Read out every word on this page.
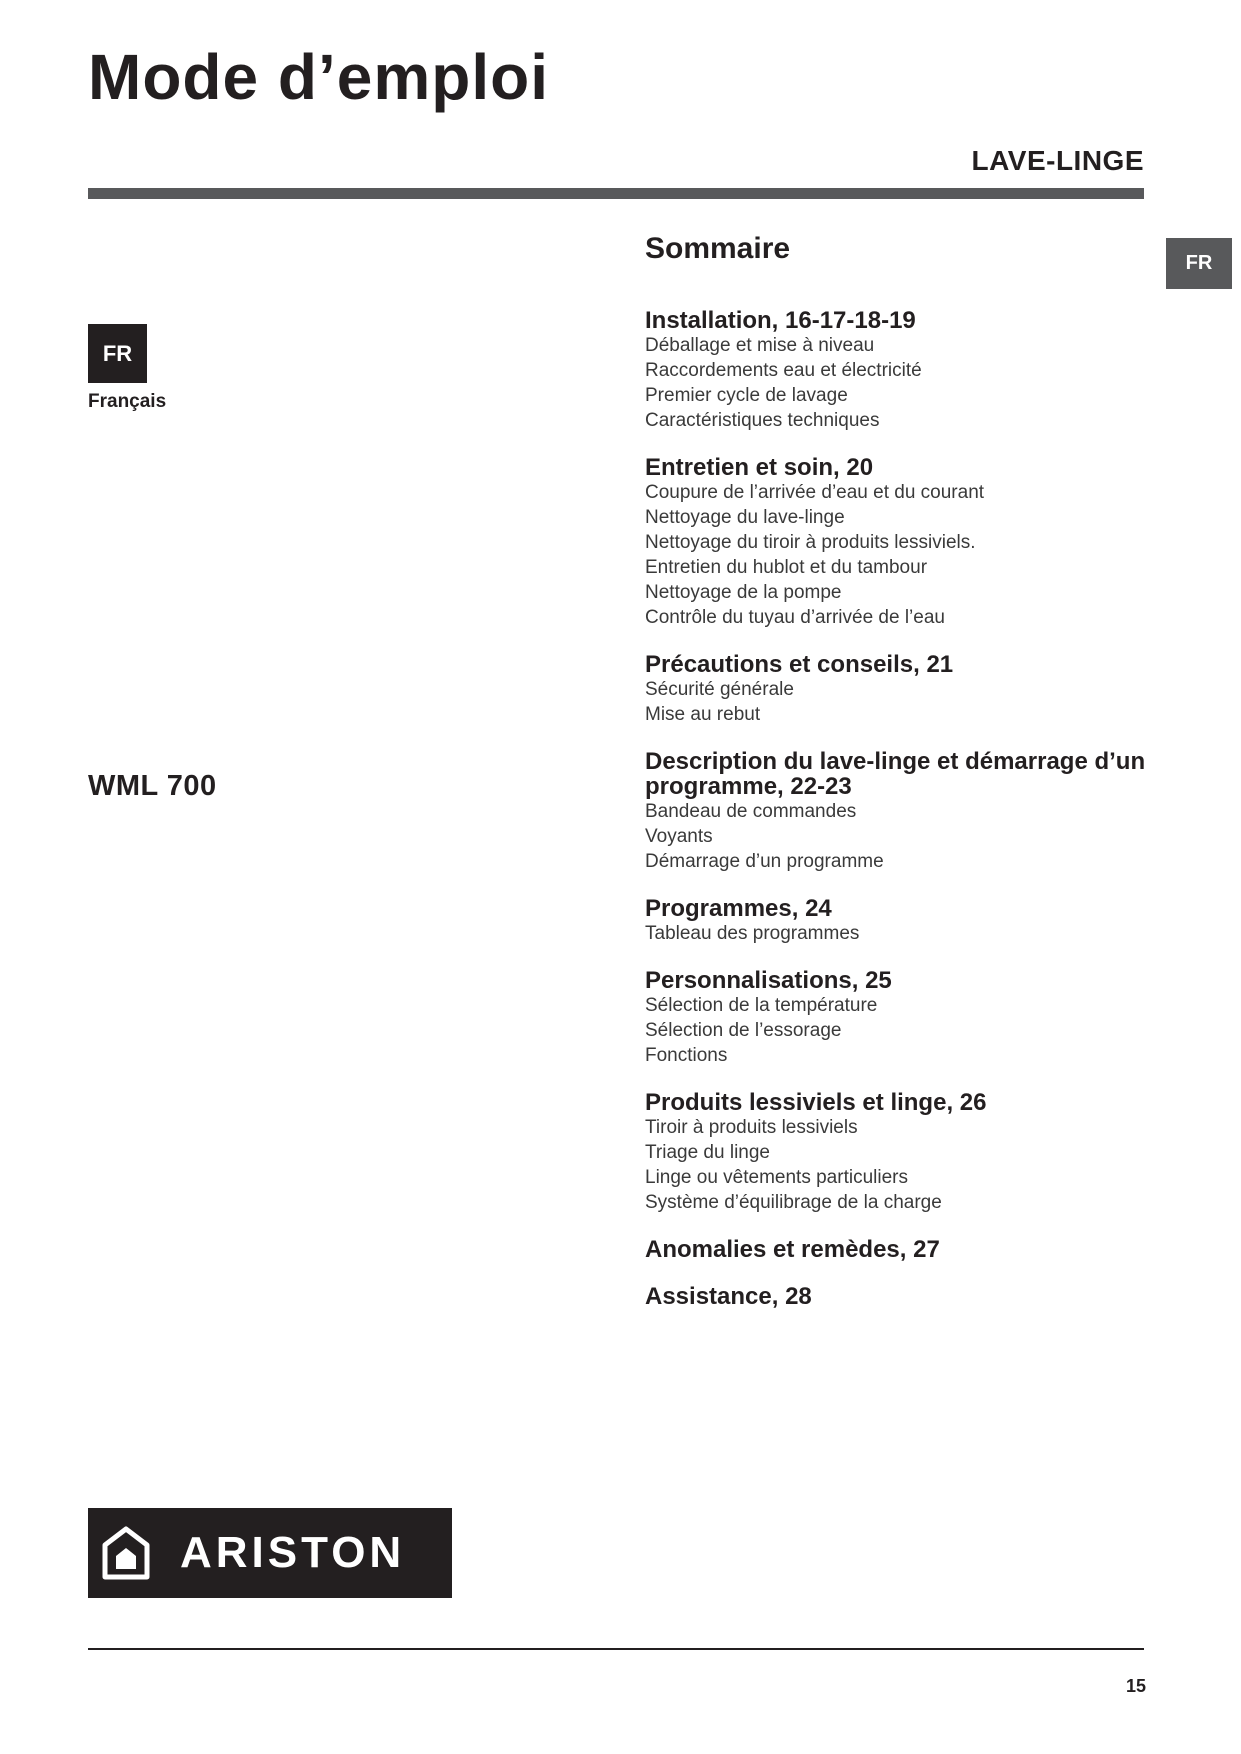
Mode d’emploi
LAVE-LINGE
FR
FR
Français
WML 700
Sommaire
Installation, 16-17-18-19
Déballage et mise à niveau
Raccordements eau et électricité
Premier cycle de lavage
Caractéristiques techniques
Entretien et soin, 20
Coupure de l’arrivée d’eau et du courant
Nettoyage du lave-linge
Nettoyage du tiroir à produits lessiviels.
Entretien du hublot et du tambour
Nettoyage de la pompe
Contrôle du tuyau d’arrivée de l’eau
Précautions et conseils, 21
Sécurité générale
Mise au rebut
Description du lave-linge et démarrage d’un programme, 22-23
Bandeau de commandes
Voyants
Démarrage d’un programme
Programmes, 24
Tableau des programmes
Personnalisations, 25
Sélection de la température
Sélection de l’essorage
Fonctions
Produits lessiviels et linge, 26
Tiroir à produits lessiviels
Triage du linge
Linge ou vêtements particuliers
Système d’équilibrage de la charge
Anomalies et remèdes, 27
Assistance, 28
ARISTON
15
